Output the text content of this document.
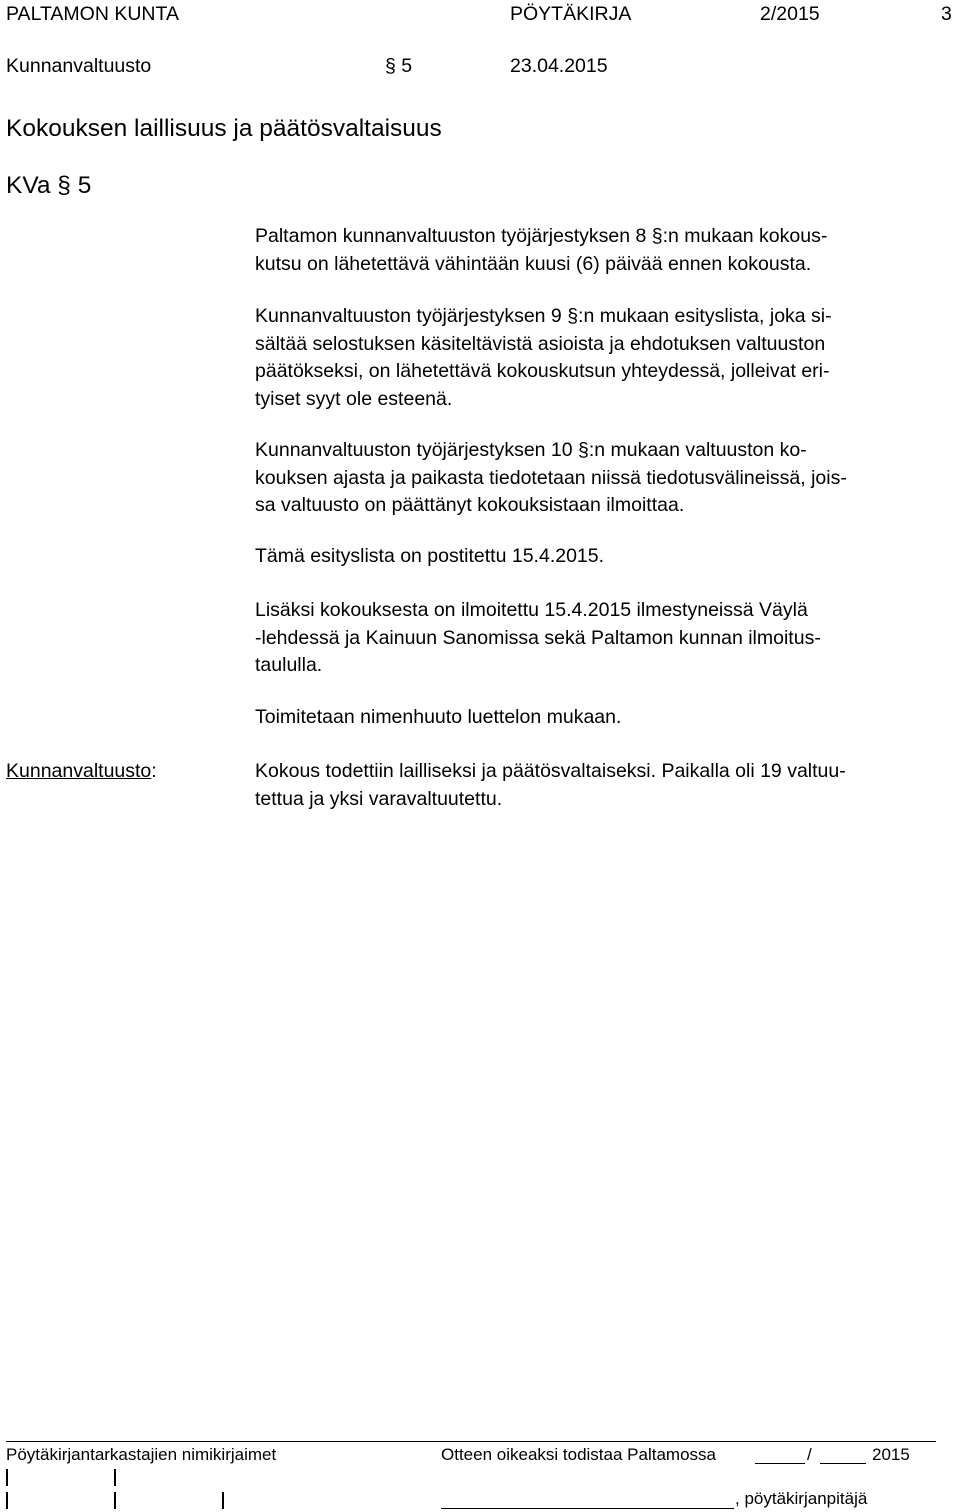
PALTAMON KUNTA	PÖYTÄKIRJA	2/2015	3
Kunnanvaltuusto	§ 5	23.04.2015
Kokouksen laillisuus ja päätösvaltaisuus
KVa § 5
Paltamon kunnanvaltuuston työjärjestyksen 8 §:n mukaan kokous-
kutsu on lähetettävä vähintään kuusi (6) päivää ennen kokousta.
Kunnanvaltuuston työjärjestyksen 9 §:n mukaan esityslista, joka si-
sältää selostuksen käsiteltävistä asioista ja ehdotuksen valtuuston
päätökseksi, on lähetettävä kokouskutsun yhteydessä, jolleivat eri-
tyiset syyt ole esteenä.
Kunnanvaltuuston työjärjestyksen 10 §:n mukaan valtuuston ko-
kouksen ajasta ja paikasta tiedotetaan niissä tiedotusvälineissä, jois-
sa valtuusto on päättänyt kokouksistaan ilmoittaa.
Tämä esityslista on postitettu 15.4.2015.
Lisäksi kokouksesta on ilmoitettu 15.4.2015 ilmestyneissä Väylä
-lehdessä ja Kainuun Sanomissa sekä Paltamon kunnan ilmoitus-
taululla.
Toimitetaan nimenhuuto luettelon mukaan.
Kunnanvaltuusto:	Kokous todettiin lailliseksi ja päätösvaltaiseksi. Paikalla oli 19 valtuu-
tettua ja yksi varavaltuutettu.
Pöytäkirjantarkastajien nimikirjaimet	Otteen oikeaksi todistaa Paltamossa	/	2015
, pöytäkirjanpitäjä
